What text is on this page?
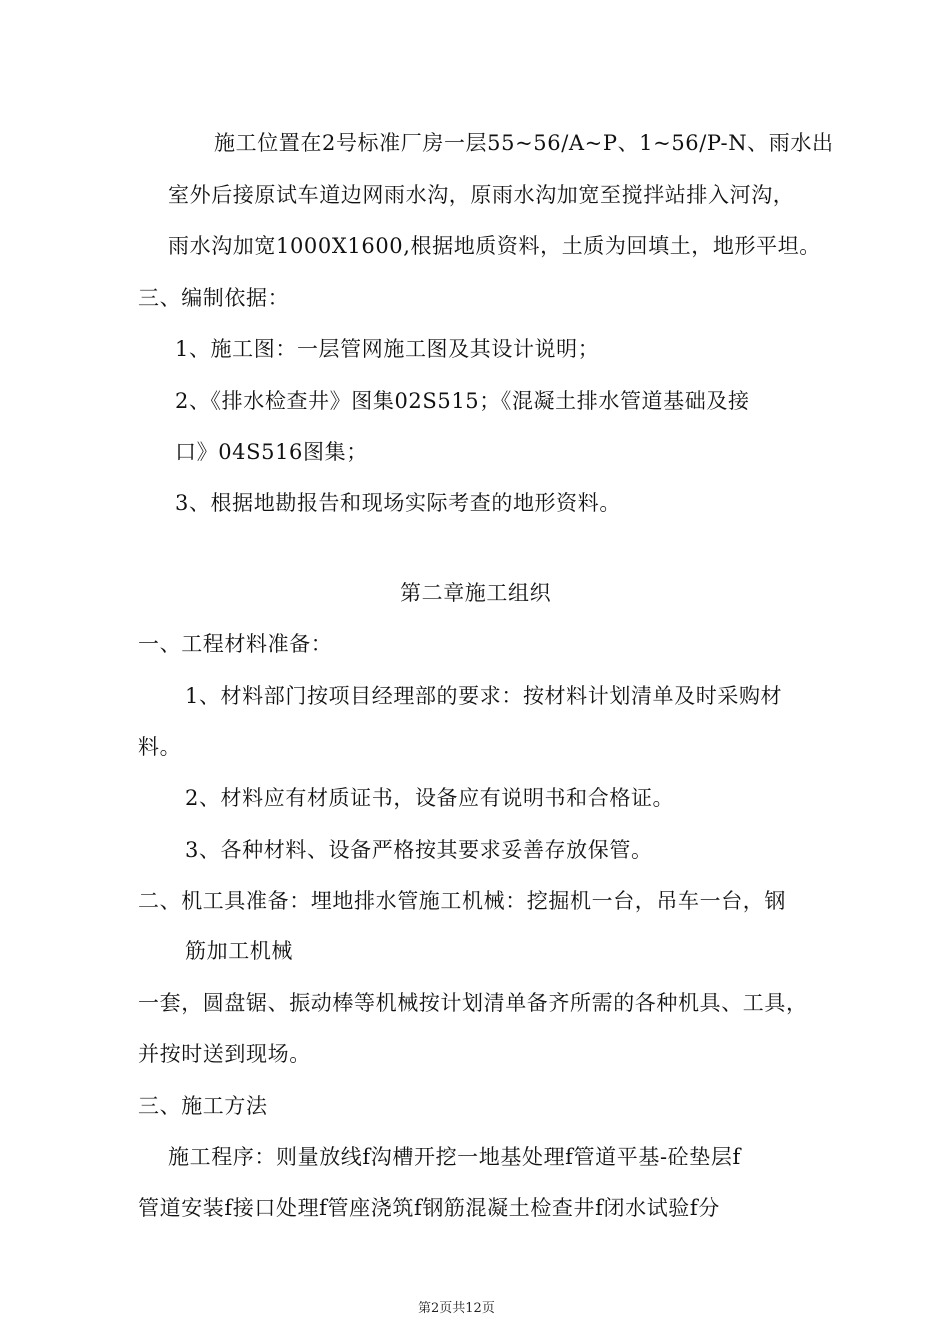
施工位置在2号标准厂房一层55~56/A~P、1~56/P-N、雨水出
室外后接原试车道边网雨水沟，原雨水沟加宽至搅拌站排入河沟，
雨水沟加宽1000X1600,根据地质资料，土质为回填土，地形平坦。
三、编制依据：
1、施工图：一层管网施工图及其设计说明；
2、《排水检查井》图集02S515；《混凝土排水管道基础及接
口》04S516图集；
3、根据地勘报告和现场实际考查的地形资料。
第二章施工组织
一、工程材料准备：
1、材料部门按项目经理部的要求：按材料计划清单及时采购材
料。
2、材料应有材质证书，设备应有说明书和合格证。
3、各种材料、设备严格按其要求妥善存放保管。
二、机工具准备：埋地排水管施工机械：挖掘机一台，吊车一台，钢
筋加工机械
一套，圆盘锯、振动棒等机械按计划清单备齐所需的各种机具、工具，
并按时送到现场。
三、施工方法
施工程序：则量放线f沟槽开挖一地基处理f管道平基-砼垫层f
管道安装f接口处理f管座浇筑f钢筋混凝土检查井f闭水试验f分
第2页共12页
